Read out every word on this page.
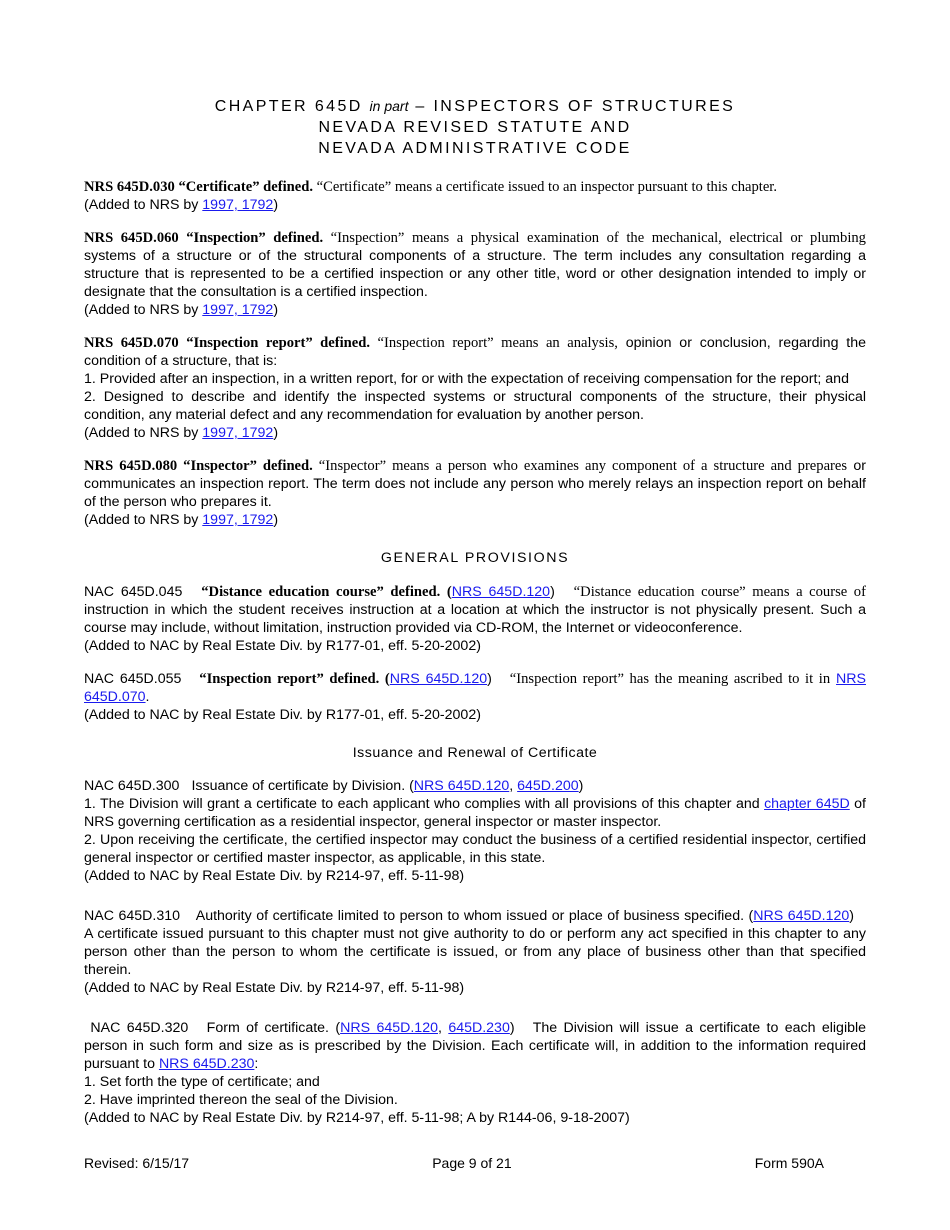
CHAPTER 645D in part – INSPECTORS OF STRUCTURES
NEVADA REVISED STATUTE AND
NEVADA ADMINISTRATIVE CODE
NRS 645D.030 “Certificate” defined. “Certificate” means a certificate issued to an inspector pursuant to this chapter.
(Added to NRS by 1997, 1792)
NRS 645D.060 “Inspection” defined. “Inspection” means a physical examination of the mechanical, electrical or plumbing systems of a structure or of the structural components of a structure. The term includes any consultation regarding a structure that is represented to be a certified inspection or any other title, word or other designation intended to imply or designate that the consultation is a certified inspection.
(Added to NRS by 1997, 1792)
NRS 645D.070 “Inspection report” defined. “Inspection report” means an analysis, opinion or conclusion, regarding the condition of a structure, that is:
1. Provided after an inspection, in a written report, for or with the expectation of receiving compensation for the report; and
2. Designed to describe and identify the inspected systems or structural components of the structure, their physical condition, any material defect and any recommendation for evaluation by another person.
(Added to NRS by 1997, 1792)
NRS 645D.080 “Inspector” defined. “Inspector” means a person who examines any component of a structure and prepares or communicates an inspection report. The term does not include any person who merely relays an inspection report on behalf of the person who prepares it.
(Added to NRS by 1997, 1792)
GENERAL PROVISIONS
NAC 645D.045 “Distance education course” defined. (NRS 645D.120) “Distance education course” means a course of instruction in which the student receives instruction at a location at which the instructor is not physically present. Such a course may include, without limitation, instruction provided via CD-ROM, the Internet or videoconference.
(Added to NAC by Real Estate Div. by R177-01, eff. 5-20-2002)
NAC 645D.055 “Inspection report” defined. (NRS 645D.120) “Inspection report” has the meaning ascribed to it in NRS 645D.070.
(Added to NAC by Real Estate Div. by R177-01, eff. 5-20-2002)
Issuance and Renewal of Certificate
NAC 645D.300 Issuance of certificate by Division. (NRS 645D.120, 645D.200)
1. The Division will grant a certificate to each applicant who complies with all provisions of this chapter and chapter 645D of NRS governing certification as a residential inspector, general inspector or master inspector.
2. Upon receiving the certificate, the certified inspector may conduct the business of a certified residential inspector, certified general inspector or certified master inspector, as applicable, in this state.
(Added to NAC by Real Estate Div. by R214-97, eff. 5-11-98)
NAC 645D.310 Authority of certificate limited to person to whom issued or place of business specified. (NRS 645D.120) A certificate issued pursuant to this chapter must not give authority to do or perform any act specified in this chapter to any person other than the person to whom the certificate is issued, or from any place of business other than that specified therein.
(Added to NAC by Real Estate Div. by R214-97, eff. 5-11-98)
NAC 645D.320 Form of certificate. (NRS 645D.120, 645D.230) The Division will issue a certificate to each eligible person in such form and size as is prescribed by the Division. Each certificate will, in addition to the information required pursuant to NRS 645D.230:
1. Set forth the type of certificate; and
2. Have imprinted thereon the seal of the Division.
(Added to NAC by Real Estate Div. by R214-97, eff. 5-11-98; A by R144-06, 9-18-2007)
Revised: 6/15/17	Page 9 of 21	Form 590A
